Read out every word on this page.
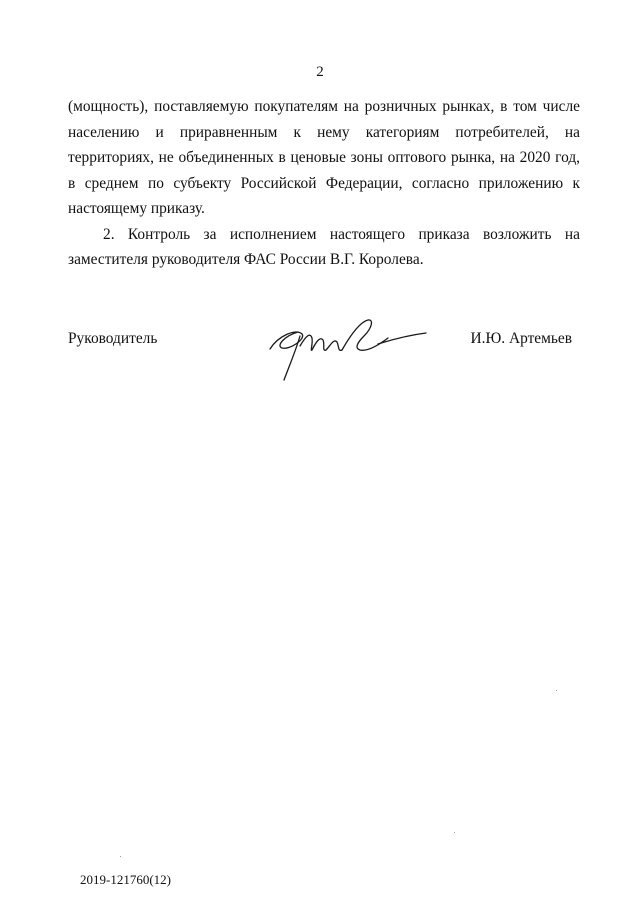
2

(мощность), поставляемую покупателям на розничных рынках, в том числе населению и приравненным к нему категориям потребителей, на территориях, не объединенных в ценовые зоны оптового рынка, на 2020 год, в среднем по субъекту Российской Федерации, согласно приложению к настоящему приказу.

2. Контроль за исполнением настоящего приказа возложить на заместителя руководителя ФАС России В.Г. Королева.

Руководитель	И.Ю. Артемьев
2019-121760(12)
